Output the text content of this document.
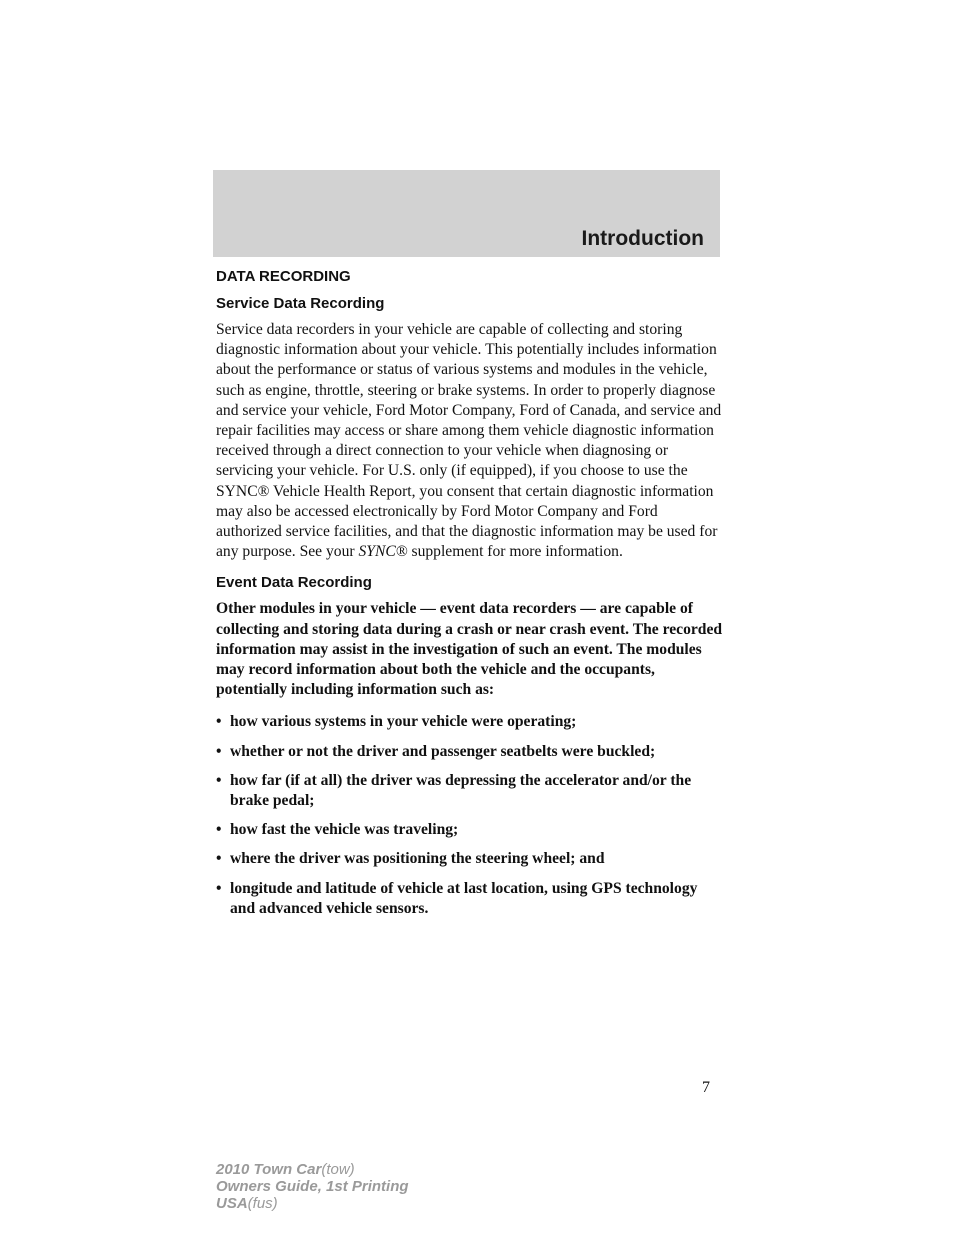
Introduction
DATA RECORDING
Service Data Recording

Service data recorders in your vehicle are capable of collecting and storing diagnostic information about your vehicle. This potentially includes information about the performance or status of various systems and modules in the vehicle, such as engine, throttle, steering or brake systems. In order to properly diagnose and service your vehicle, Ford Motor Company, Ford of Canada, and service and repair facilities may access or share among them vehicle diagnostic information received through a direct connection to your vehicle when diagnosing or servicing your vehicle. For U.S. only (if equipped), if you choose to use the SYNC® Vehicle Health Report, you consent that certain diagnostic information may also be accessed electronically by Ford Motor Company and Ford authorized service facilities, and that the diagnostic information may be used for any purpose. See your SYNC® supplement for more information.

Event Data Recording

Other modules in your vehicle — event data recorders — are capable of collecting and storing data during a crash or near crash event. The recorded information may assist in the investigation of such an event. The modules may record information about both the vehicle and the occupants, potentially including information such as:

• how various systems in your vehicle were operating;
• whether or not the driver and passenger seatbelts were buckled;
• how far (if at all) the driver was depressing the accelerator and/or the brake pedal;
• how fast the vehicle was traveling;
• where the driver was positioning the steering wheel; and
• longitude and latitude of vehicle at last location, using GPS technology and advanced vehicle sensors.
7
2010 Town Car(tow)
Owners Guide, 1st Printing
USA(fus)
